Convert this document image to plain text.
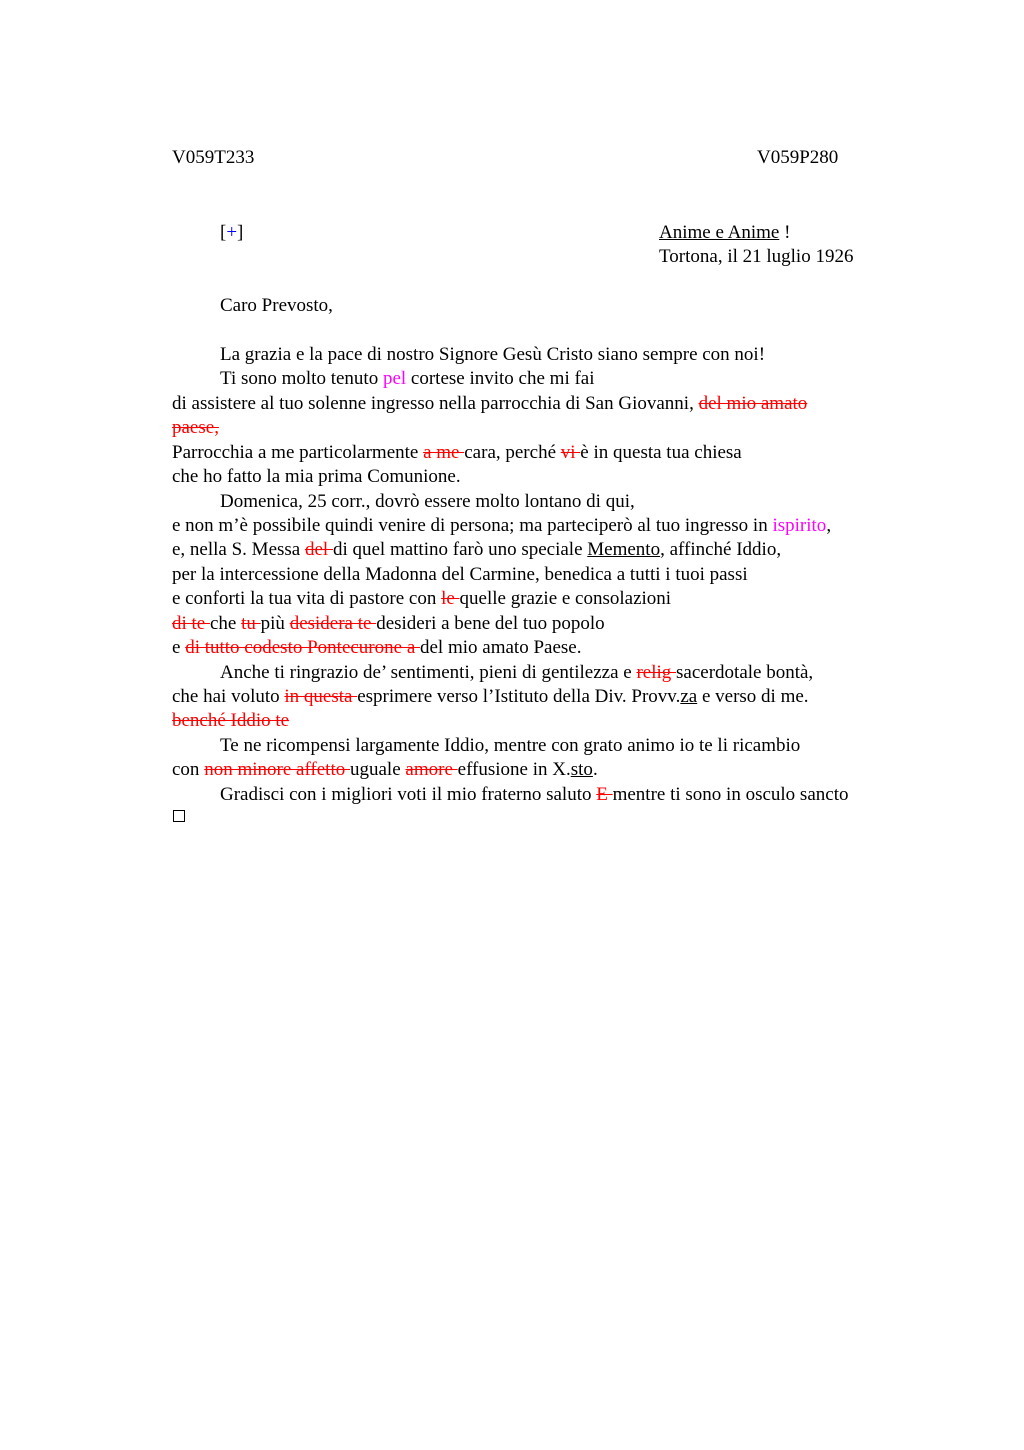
V059T233	V059P280
[+]	Anime e Anime !
Tortona, il 21 luglio 1926
Caro Prevosto,
La grazia e la pace di nostro Signore Gesù Cristo siano sempre con noi!
Ti sono molto tenuto pel cortese invito che mi fai
di assistere al tuo solenne ingresso nella parrocchia di San Giovanni, del mio amato
paese,
Parrocchia a me particolarmente a me cara, perché vi è in questa tua chiesa
che ho fatto la mia prima Comunione.
Domenica, 25 corr., dovrò essere molto lontano di qui,
e non m’è possibile quindi venire di persona; ma parteciperò al tuo ingresso in ispirito,
e, nella S. Messa del di quel mattino farò uno speciale Memento, affinché Iddio,
per la intercessione della Madonna del Carmine, benedica a tutti i tuoi passi
e conforti la tua vita di pastore con le quelle grazie e consolazioni
di te che tu più desidera te desideri a bene del tuo popolo
e di tutto codesto Pontecurone a del mio amato Paese.
Anche ti ringrazio de’ sentimenti, pieni di gentilezza e relig sacerdotale bontà,
che hai voluto in questa esprimere verso l’Istituto della Div. Provv.za e verso di me.
benché Iddio te
Te ne ricompensi largamente Iddio, mentre con grato animo io te li ricambio
con non minore affetto uguale amore effusione in X.sto.
Gradisci con i migliori voti il mio fraterno saluto E mentre ti sono in osculo sancto
